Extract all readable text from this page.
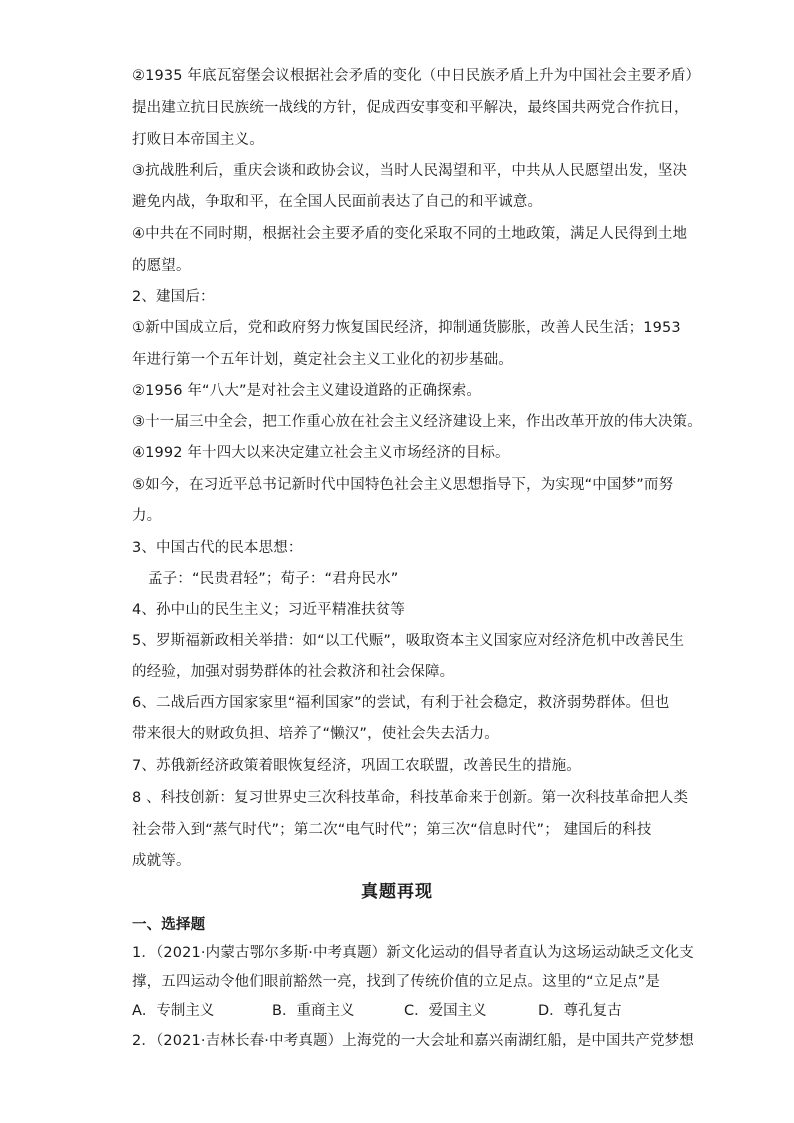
②1935 年底瓦窑堡会议根据社会矛盾的变化（中日民族矛盾上升为中国社会主要矛盾）
提出建立抗日民族统一战线的方针，促成西安事变和平解决，最终国共两党合作抗日，
打败日本帝国主义。
③抗战胜利后，重庆会谈和政协会议，当时人民渴望和平，中共从人民愿望出发，坚决
避免内战，争取和平，在全国人民面前表达了自己的和平诚意。
④中共在不同时期，根据社会主要矛盾的变化采取不同的土地政策，满足人民得到土地
的愿望。
2、建国后：
①新中国成立后，党和政府努力恢复国民经济，抑制通货膨胀，改善人民生活；1953
年进行第一个五年计划，奠定社会主义工业化的初步基础。
②1956 年“八大”是对社会主义建设道路的正确探索。
③十一届三中全会，把工作重心放在社会主义经济建设上来，作出改革开放的伟大决策。
④1992 年十四大以来决定建立社会主义市场经济的目标。
⑤如今，在习近平总书记新时代中国特色社会主义思想指导下，为实现“中国梦”而努
力。
3、中国古代的民本思想：
孟子：“民贵君轻”；荀子：“君舟民水”
4、孙中山的民生主义；习近平精准扶贫等
5、罗斯福新政相关举措：如“以工代赈”，吸取资本主义国家应对经济危机中改善民生
的经验，加强对弱势群体的社会救济和社会保障。
6、二战后西方国家家里“福利国家”的尝试，有利于社会稳定，救济弱势群体。但也
带来很大的财政负担、培养了“懒汉”，使社会失去活力。
7、苏俄新经济政策着眼恢复经济，巩固工农联盟，改善民生的措施。
8 、科技创新：复习世界史三次科技革命，科技革命来于创新。第一次科技革命把人类
社会带入到“蒸气时代”；第二次“电气时代”；第三次“信息时代”； 建国后的科技
成就等。
真题再现
一、选择题
1．（2021·内蒙古鄂尔多斯·中考真题）新文化运动的倡导者直认为这场运动缺乏文化支
撑，五四运动令他们眼前豁然一亮，找到了传统价值的立足点。这里的“立足点”是
A．专制主义	B．重商主义	C．爱国主义	D．尊孔复古
2．（2021·吉林长春·中考真题）上海党的一大会址和嘉兴南湖红船，是中国共产党梦想
